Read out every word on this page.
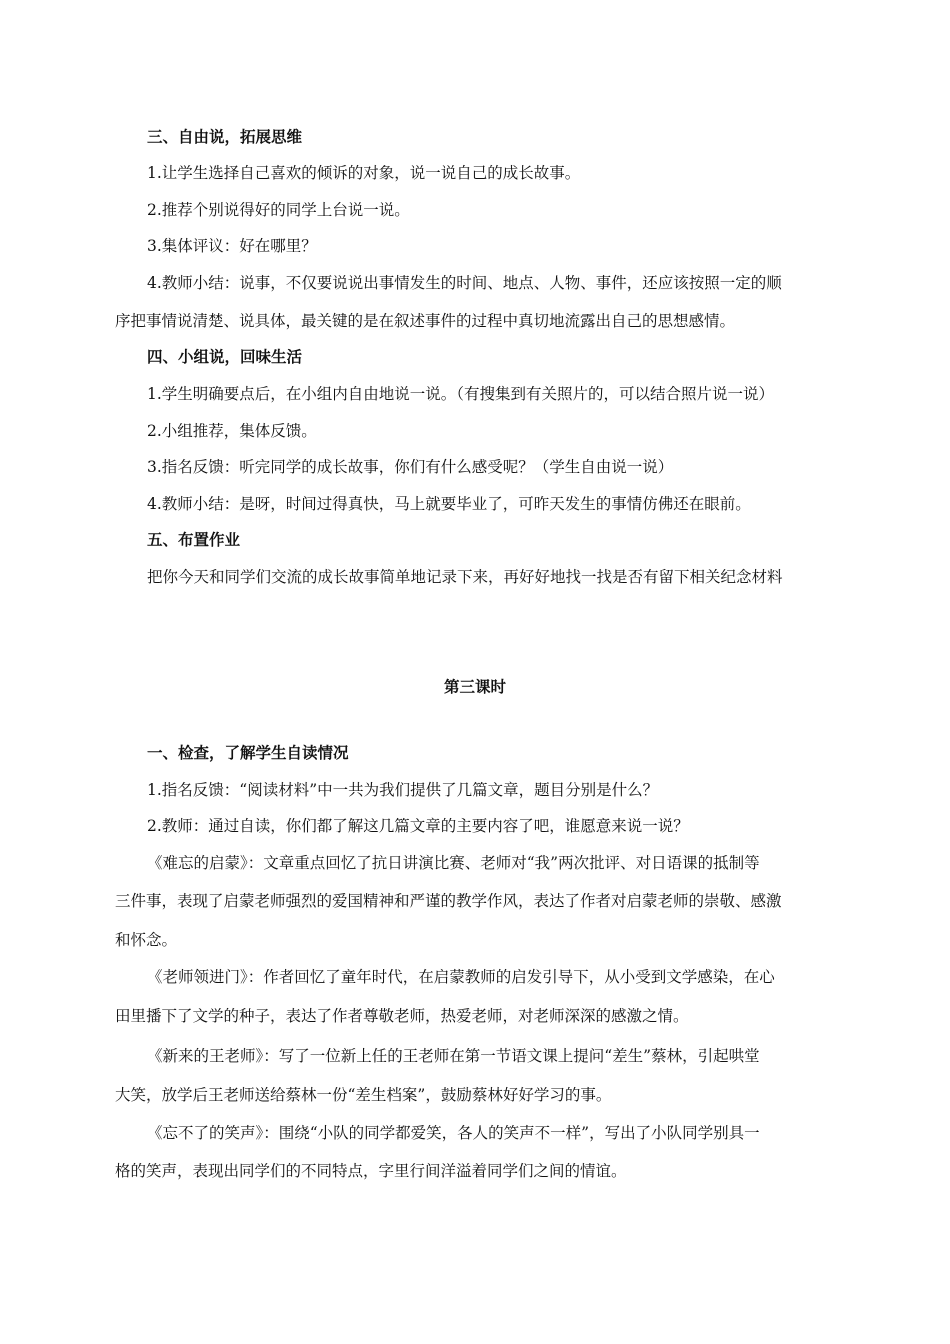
三、自由说，拓展思维
1.让学生选择自己喜欢的倾诉的对象，说一说自己的成长故事。
2.推荐个别说得好的同学上台说一说。
3.集体评议：好在哪里？
4.教师小结：说事，不仅要说说出事情发生的时间、地点、人物、事件，还应该按照一定的顺
序把事情说清楚、说具体，最关键的是在叙述事件的过程中真切地流露出自己的思想感情。
四、小组说，回味生活
1.学生明确要点后，在小组内自由地说一说。（有搜集到有关照片的，可以结合照片说一说）
2.小组推荐，集体反馈。
3.指名反馈：听完同学的成长故事，你们有什么感受呢？（学生自由说一说）
4.教师小结：是呀，时间过得真快，马上就要毕业了，可昨天发生的事情仿佛还在眼前。
五、布置作业
把你今天和同学们交流的成长故事简单地记录下来，再好好地找一找是否有留下相关纪念材料
第三课时
一、检查，了解学生自读情况
1.指名反馈：“阅读材料”中一共为我们提供了几篇文章，题目分别是什么？
2.教师：通过自读，你们都了解这几篇文章的主要内容了吧，谁愿意来说一说？
《难忘的启蒙》：文章重点回忆了抗日讲演比赛、老师对“我”两次批评、对日语课的抵制等
三件事，表现了启蒙老师强烈的爱国精神和严谨的教学作风，表达了作者对启蒙老师的崇敬、感激
和怀念。
《老师领进门》：作者回忆了童年时代，在启蒙教师的启发引导下，从小受到文学感染，在心
田里播下了文学的种子，表达了作者尊敬老师，热爱老师，对老师深深的感激之情。
《新来的王老师》：写了一位新上任的王老师在第一节语文课上提问“差生”蔡林，引起哄堂
大笑，放学后王老师送给蔡林一份“差生档案”，鼓励蔡林好好学习的事。
《忘不了的笑声》：围绕“小队的同学都爱笑，各人的笑声不一样”，写出了小队同学别具一
格的笑声，表现出同学们的不同特点，字里行间洋溢着同学们之间的情谊。
